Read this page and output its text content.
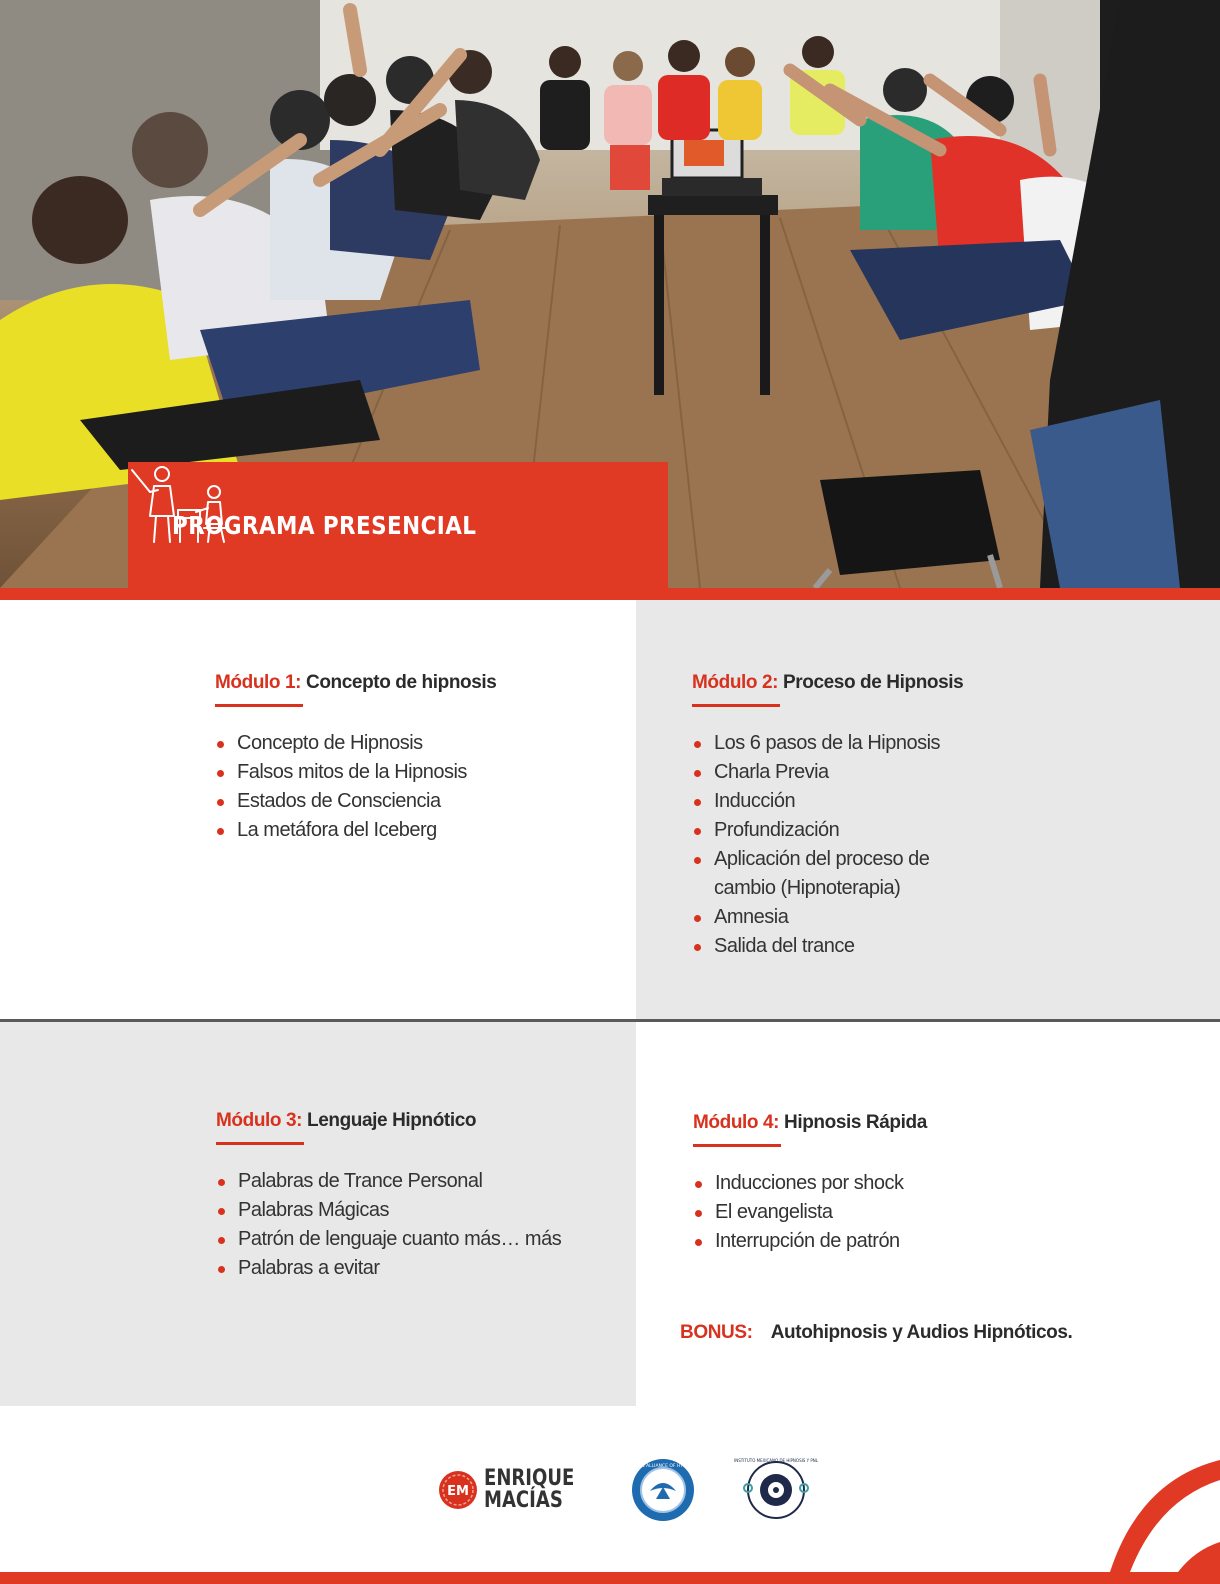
PROGRAMA PRESENCIAL
Módulo 1: Concepto de hipnosis
Concepto de Hipnosis
Falsos mitos de la Hipnosis
Estados de Consciencia
La metáfora del Iceberg
Módulo 2: Proceso de Hipnosis
Los 6 pasos de la Hipnosis
Charla Previa
Inducción
Profundización
Aplicación del proceso de cambio (Hipnoterapia)
Amnesia
Salida del trance
Módulo 3: Lenguaje Hipnótico
Palabras de Trance Personal
Palabras Mágicas
Patrón de lenguaje cuanto más… más
Palabras a evitar
Módulo 4: Hipnosis Rápida
Inducciones por shock
El evangelista
Interrupción de patrón
BONUS: Autohipnosis y Audios Hipnóticos.
EM
ENRIQUE
MACÍAS
AMERICAN ALLIANCE OF HYPNOTISTS
INSTITUTO MEXICANO DE HIPNOSIS Y PNL
